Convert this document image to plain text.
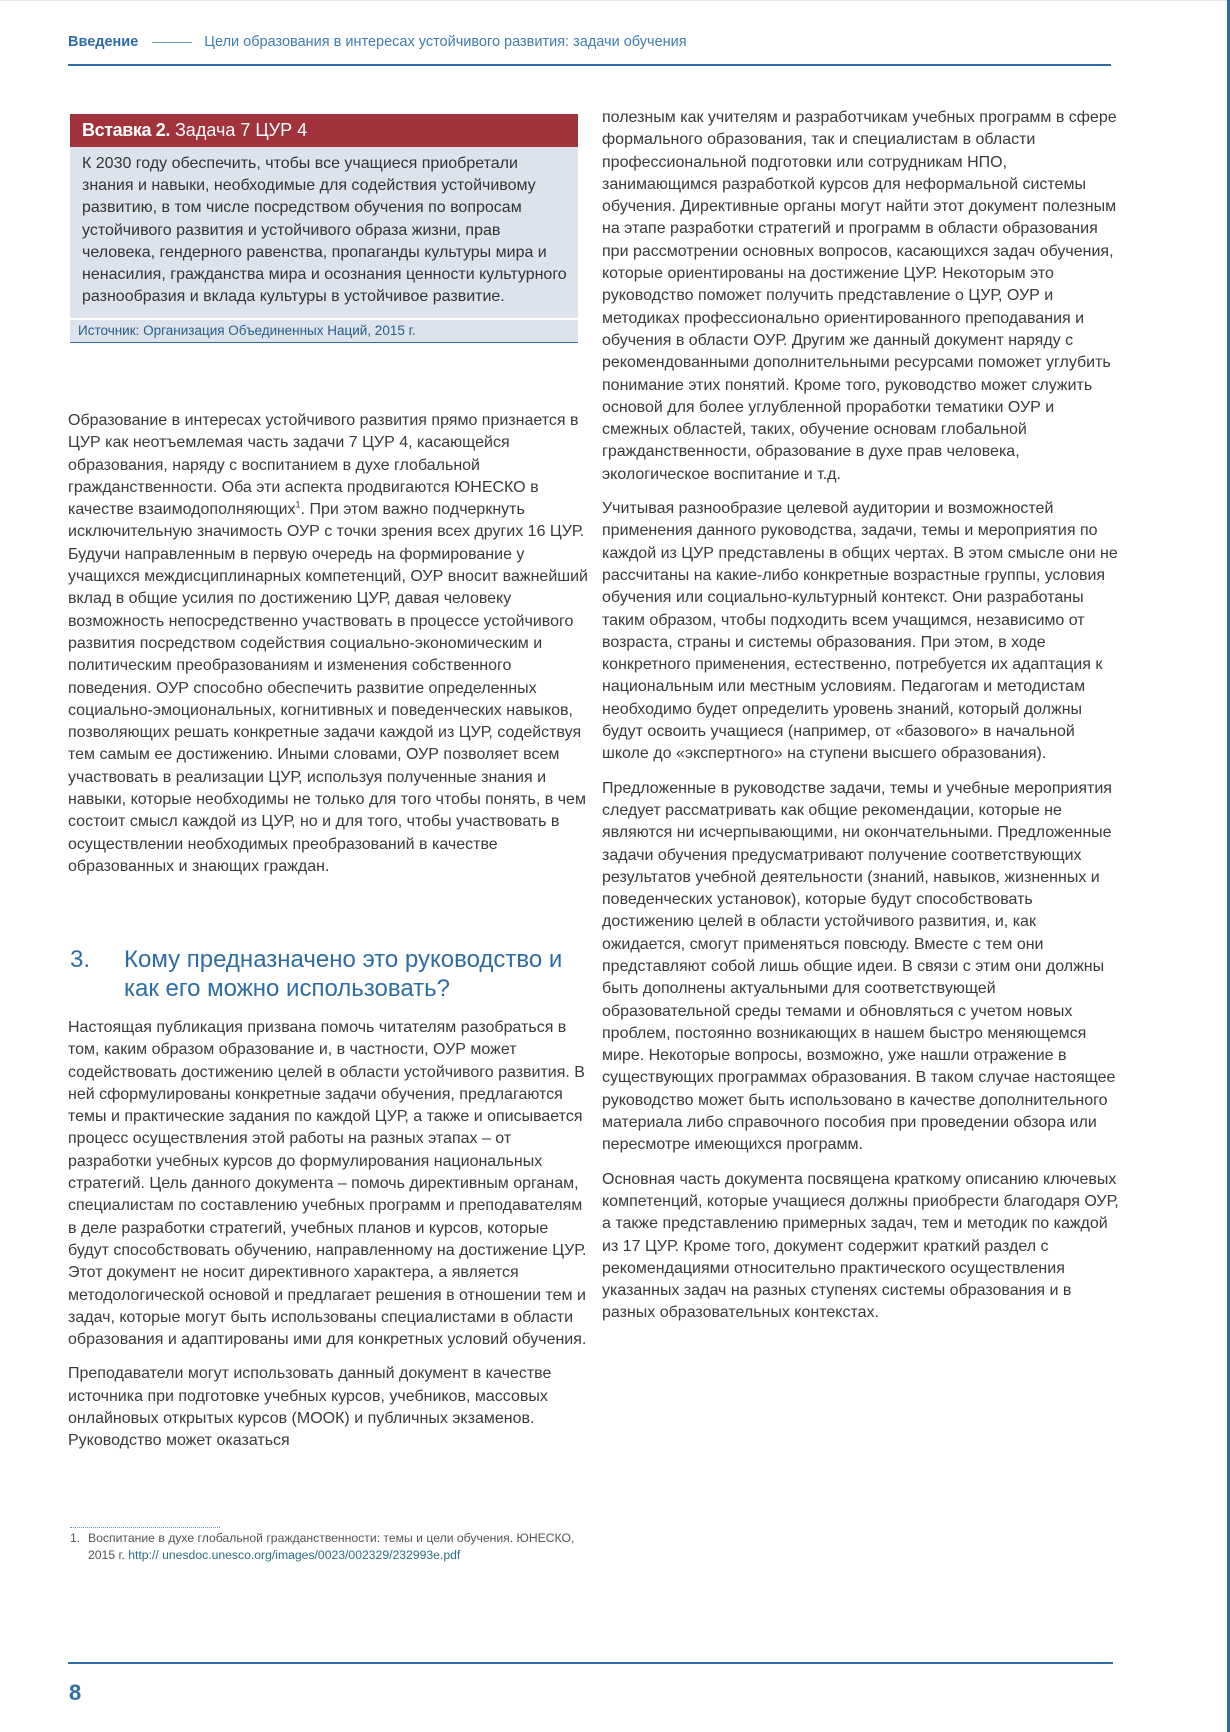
Введение	Цели образования в интересах устойчивого развития: задачи обучения
Вставка 2. Задача 7 ЦУР 4
К 2030 году обеспечить, чтобы все учащиеся приобретали знания и навыки, необходимые для содействия устойчивому развитию, в том числе посредством обучения по вопросам устойчивого развития и устойчивого образа жизни, прав человека, гендерного равенства, пропаганды культуры мира и ненасилия, гражданства мира и осознания ценности культурного разнообразия и вклада культуры в устойчивое развитие.
Источник: Организация Объединенных Наций, 2015 г.
Образование в интересах устойчивого развития прямо признается в ЦУР как неотъемлемая часть задачи 7 ЦУР 4, касающейся образования, наряду с воспитанием в духе глобальной гражданственности. Оба эти аспекта продвигаются ЮНЕСКО в качестве взаимодополняющих$^1$. При этом важно подчеркнуть исключительную значимость ОУР с точки зрения всех других 16 ЦУР. Будучи направленным в первую очередь на формирование у учащихся междисциплинарных компетенций, ОУР вносит важнейший вклад в общие усилия по достижению ЦУР, давая человеку возможность непосредственно участвовать в процессе устойчивого развития посредством содействия социально-экономическим и политическим преобразованиям и изменения собственного поведения. ОУР способно обеспечить развитие определенных социально-эмоциональных, когнитивных и поведенческих навыков, позволяющих решать конкретные задачи каждой из ЦУР, содействуя тем самым ее достижению. Иными словами, ОУР позволяет всем участвовать в реализации ЦУР, используя полученные знания и навыки, которые необходимы не только для того чтобы понять, в чем состоит смысл каждой из ЦУР, но и для того, чтобы участвовать в осуществлении необходимых преобразований в качестве образованных и знающих граждан.
3. Кому предназначено это руководство и как его можно использовать?

Настоящая публикация призвана помочь читателям разобраться в том, каким образом образование и, в частности, ОУР может содействовать достижению целей в области устойчивого развития. В ней сформулированы конкретные задачи обучения, предлагаются темы и практические задания по каждой ЦУР, а также и описывается процесс осуществления этой работы на разных этапах – от разработки учебных курсов до формулирования национальных стратегий. Цель данного документа – помочь директивным органам, специалистам по составлению учебных программ и преподавателям в деле разработки стратегий, учебных планов и курсов, которые будут способствовать обучению, направленному на достижение ЦУР. Этот документ не носит директивного характера, а является методологической основой и предлагает решения в отношении тем и задач, которые могут быть использованы специалистами в области образования и адаптированы ими для конкретных условий обучения.

Преподаватели могут использовать данный документ в качестве источника при подготовке учебных курсов, учебников, массовых онлайновых открытых курсов (МООК) и публичных экзаменов. Руководство может оказаться

полезным как учителям и разработчикам учебных программ в сфере формального образования, так и специалистам в области профессиональной подготовки или сотрудникам НПО, занимающимся разработкой курсов для неформальной системы обучения. Директивные органы могут найти этот документ полезным на этапе разработки стратегий и программ в области образования при рассмотрении основных вопросов, касающихся задач обучения, которые ориентированы на достижение ЦУР. Некоторым это руководство поможет получить представление о ЦУР, ОУР и методиках профессионально ориентированного преподавания и обучения в области ОУР. Другим же данный документ наряду с рекомендованными дополнительными ресурсами поможет углубить понимание этих понятий. Кроме того, руководство может служить основой для более углубленной проработки тематики ОУР и смежных областей, таких, обучение основам глобальной гражданственности, образование в духе прав человека, экологическое воспитание и т.д.

Учитывая разнообразие целевой аудитории и возможностей применения данного руководства, задачи, темы и мероприятия по каждой из ЦУР представлены в общих чертах. В этом смысле они не рассчитаны на какие-либо конкретные возрастные группы, условия обучения или социально-культурный контекст. Они разработаны таким образом, чтобы подходить всем учащимся, независимо от возраста, страны и системы образования. При этом, в ходе конкретного применения, естественно, потребуется их адаптация к национальным или местным условиям. Педагогам и методистам необходимо будет определить уровень знаний, который должны будут освоить учащиеся (например, от «базового» в начальной школе до «экспертного» на ступени высшего образования).

Предложенные в руководстве задачи, темы и учебные мероприятия следует рассматривать как общие рекомендации, которые не являются ни исчерпывающими, ни окончательными. Предложенные задачи обучения предусматривают получение соответствующих результатов учебной деятельности (знаний, навыков, жизненных и поведенческих установок), которые будут способствовать достижению целей в области устойчивого развития, и, как ожидается, смогут применяться повсюду. Вместе с тем они представляют собой лишь общие идеи. В связи с этим они должны быть дополнены актуальными для соответствующей образовательной среды темами и обновляться с учетом новых проблем, постоянно возникающих в нашем быстро меняющемся мире. Некоторые вопросы, возможно, уже нашли отражение в существующих программах образования. В таком случае настоящее руководство может быть использовано в качестве дополнительного материала либо справочного пособия при проведении обзора или пересмотре имеющихся программ.

Основная часть документа посвящена краткому описанию ключевых компетенций, которые учащиеся должны приобрести благодаря ОУР, а также представлению примерных задач, тем и методик по каждой из 17 ЦУР. Кроме того, документ содержит краткий раздел с рекомендациями относительно практического осуществления указанных задач на разных ступенях системы образования и в разных образовательных контекстах.

1. Воспитание в духе глобальной гражданственности: темы и цели обучения. ЮНЕСКО, 2015 г. http:// unesdoc.unesco.org/images/0023/002329/232993e.pdf
8
